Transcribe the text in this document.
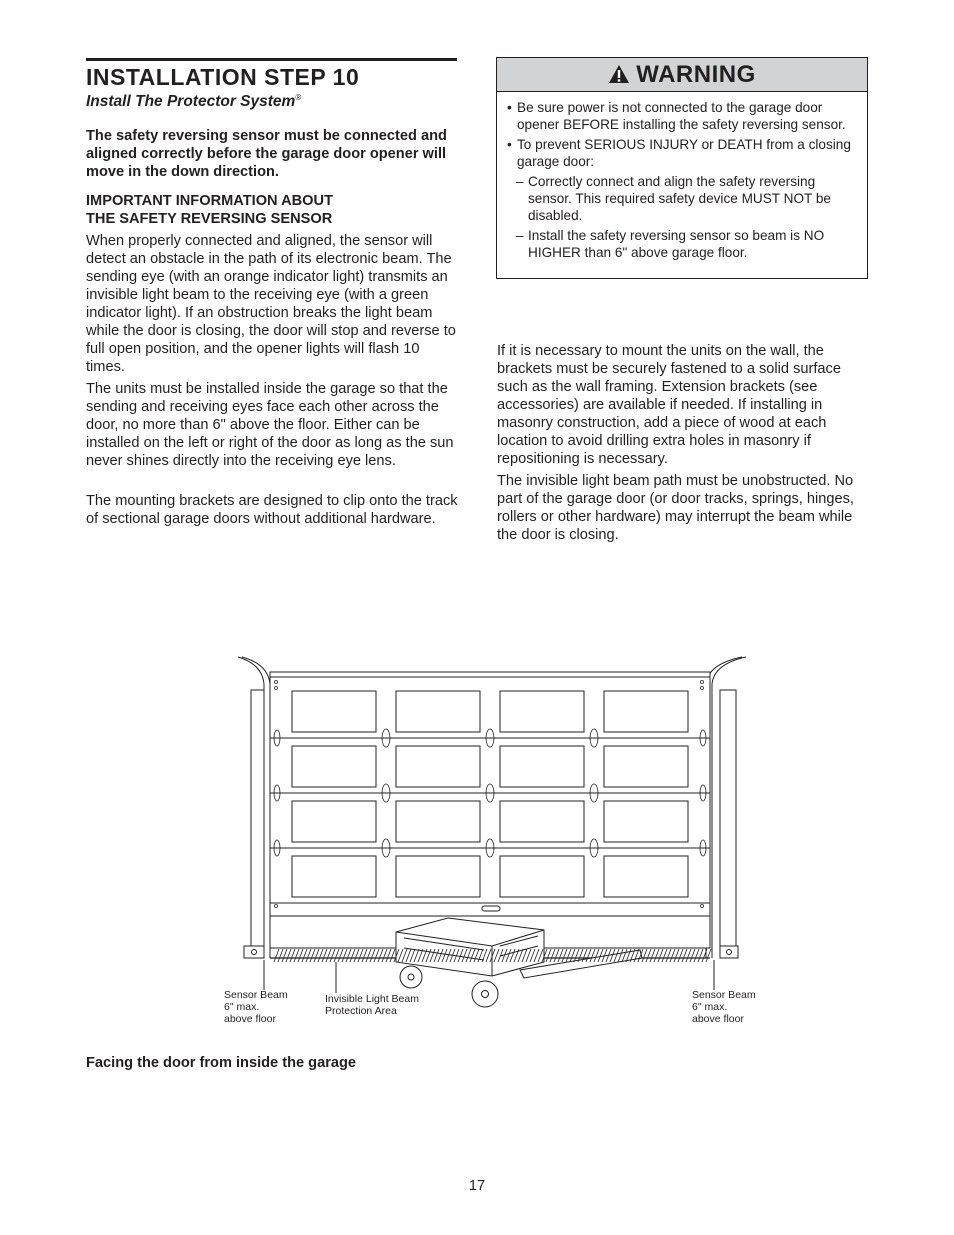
INSTALLATION STEP 10
Install The Protector System®
The safety reversing sensor must be connected and aligned correctly before the garage door opener will move in the down direction.
IMPORTANT INFORMATION ABOUT
THE SAFETY REVERSING SENSOR
When properly connected and aligned, the sensor will detect an obstacle in the path of its electronic beam. The sending eye (with an orange indicator light) transmits an invisible light beam to the receiving eye (with a green indicator light). If an obstruction breaks the light beam while the door is closing, the door will stop and reverse to full open position, and the opener lights will flash 10 times.
The units must be installed inside the garage so that the sending and receiving eyes face each other across the door, no more than 6" above the floor. Either can be installed on the left or right of the door as long as the sun never shines directly into the receiving eye lens.
The mounting brackets are designed to clip onto the track of sectional garage doors without additional hardware.
WARNING
• Be sure power is not connected to the garage door opener BEFORE installing the safety reversing sensor.
• To prevent SERIOUS INJURY or DEATH from a closing garage door:
– Correctly connect and align the safety reversing sensor. This required safety device MUST NOT be disabled.
– Install the safety reversing sensor so beam is NO HIGHER than 6" above garage floor.
If it is necessary to mount the units on the wall, the brackets must be securely fastened to a solid surface such as the wall framing. Extension brackets (see accessories) are available if needed. If installing in masonry construction, add a piece of wood at each location to avoid drilling extra holes in masonry if repositioning is necessary.
The invisible light beam path must be unobstructed. No part of the garage door (or door tracks, springs, hinges, rollers or other hardware) may interrupt the beam while the door is closing.
Sensor Beam
6" max.
above floor
Invisible Light Beam
Protection Area
Sensor Beam
6" max.
above floor
Facing the door from inside the garage
17
